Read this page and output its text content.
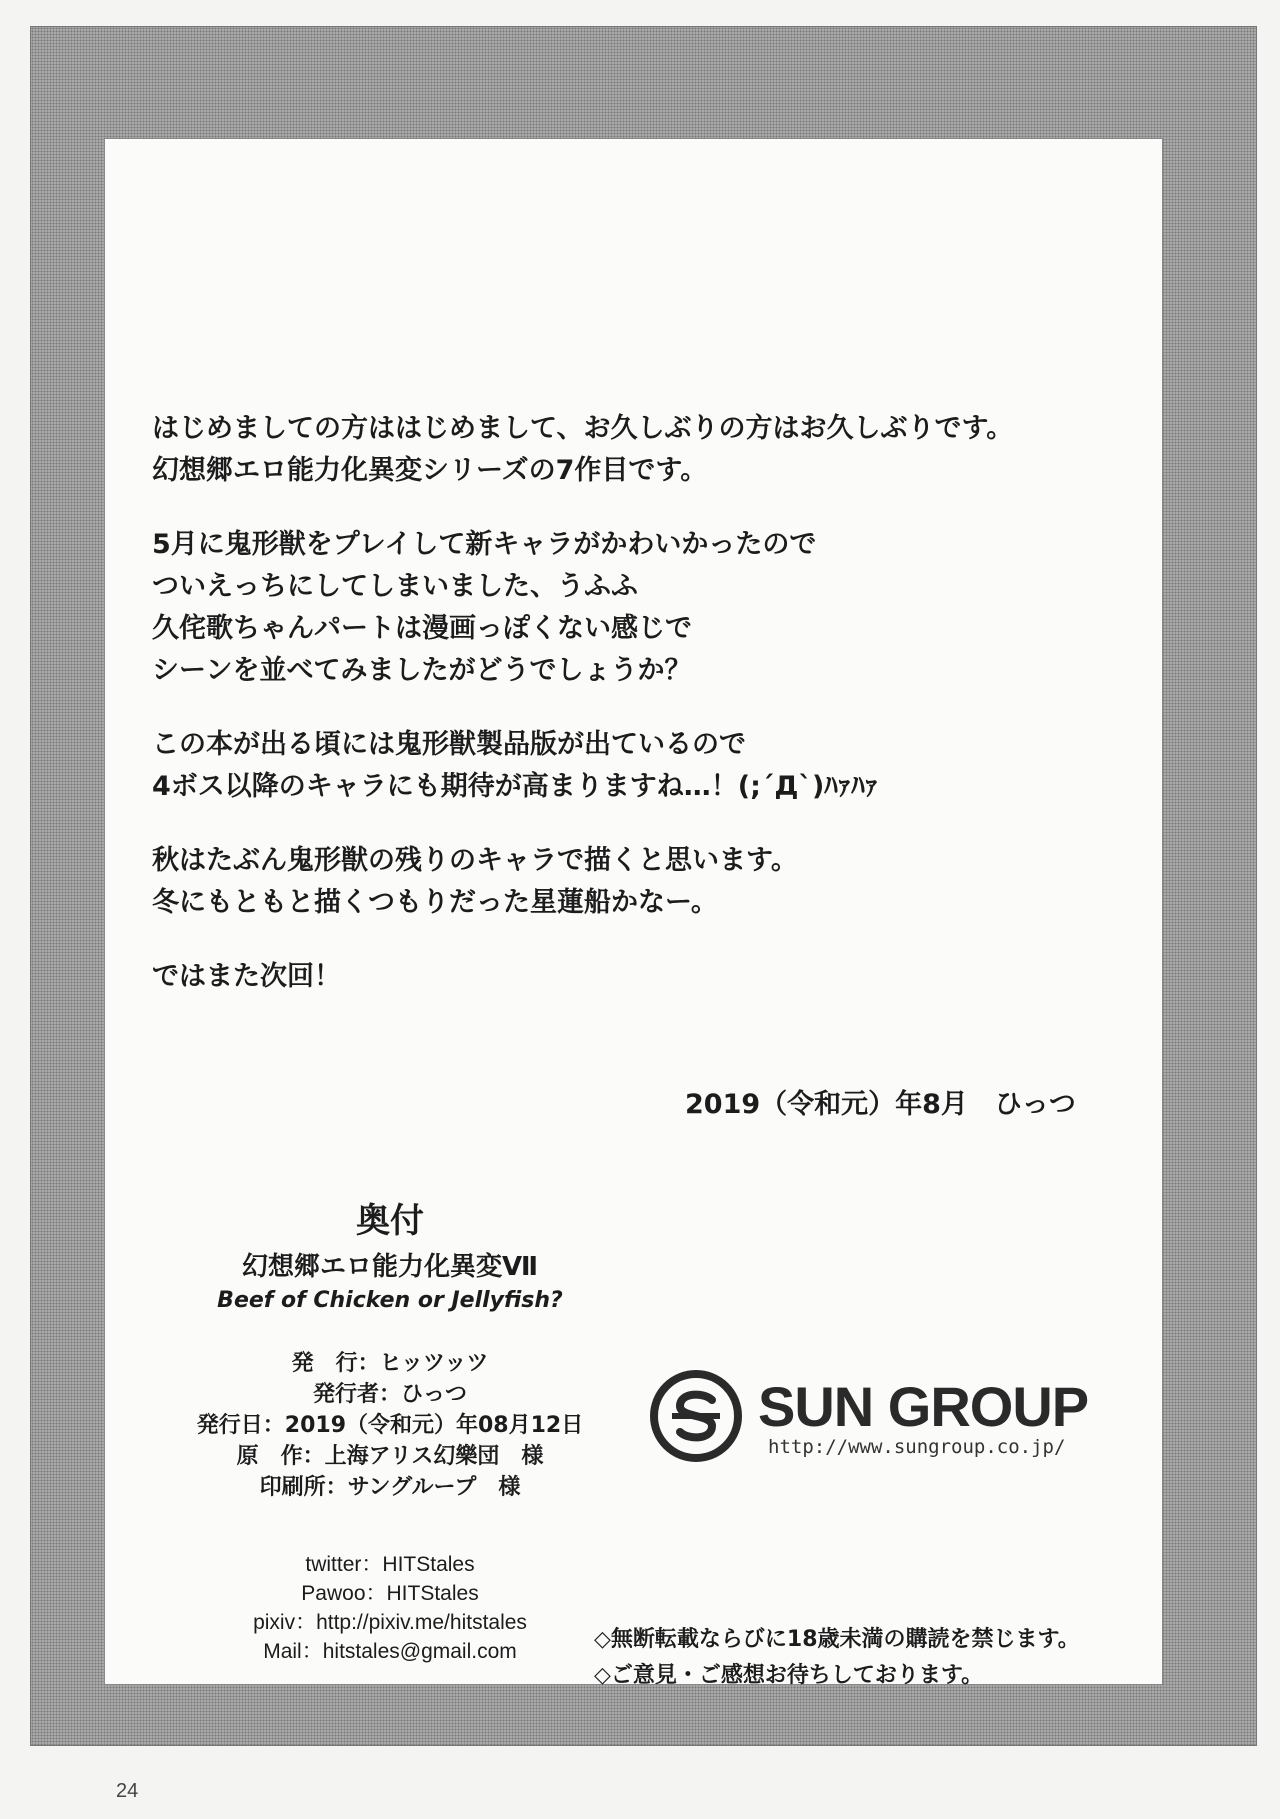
はじめましての方ははじめまして、お久しぶりの方はお久しぶりです。
幻想郷エロ能力化異変シリーズの7作目です。

5月に鬼形獣をプレイして新キャラがかわいかったので
ついえっちにしてしまいました、うふふ
久侘歌ちゃんパートは漫画っぽくない感じで
シーンを並べてみましたがどうでしょうか？

この本が出る頃には鬼形獣製品版が出ているので
4ボス以降のキャラにも期待が高まりますね…！(;´Д`)ﾊｧﾊｧ

秋はたぶん鬼形獣の残りのキャラで描くと思います。
冬にもともと描くつもりだった星蓮船かなー。

ではまた次回！

2019（令和元）年8月　ひっつ
奥付
幻想郷エロ能力化異変Ⅶ
Beef of Chicken or Jellyfish?
発　行： ヒッツッツ
発行者： ひっつ
発行日： 2019（令和元）年08月12日
原　作： 上海アリス幻樂団　様
印刷所： サングループ　様
twitter：HITStales
Pawoo：HITStales
pixiv：http://pixiv.me/hitstales
Mail：hitstales@gmail.com
SUN GROUP
http://www.sungroup.co.jp/
◇無断転載ならびに18歳未満の購読を禁じます。
◇ご意見・ご感想お待ちしております。
24
